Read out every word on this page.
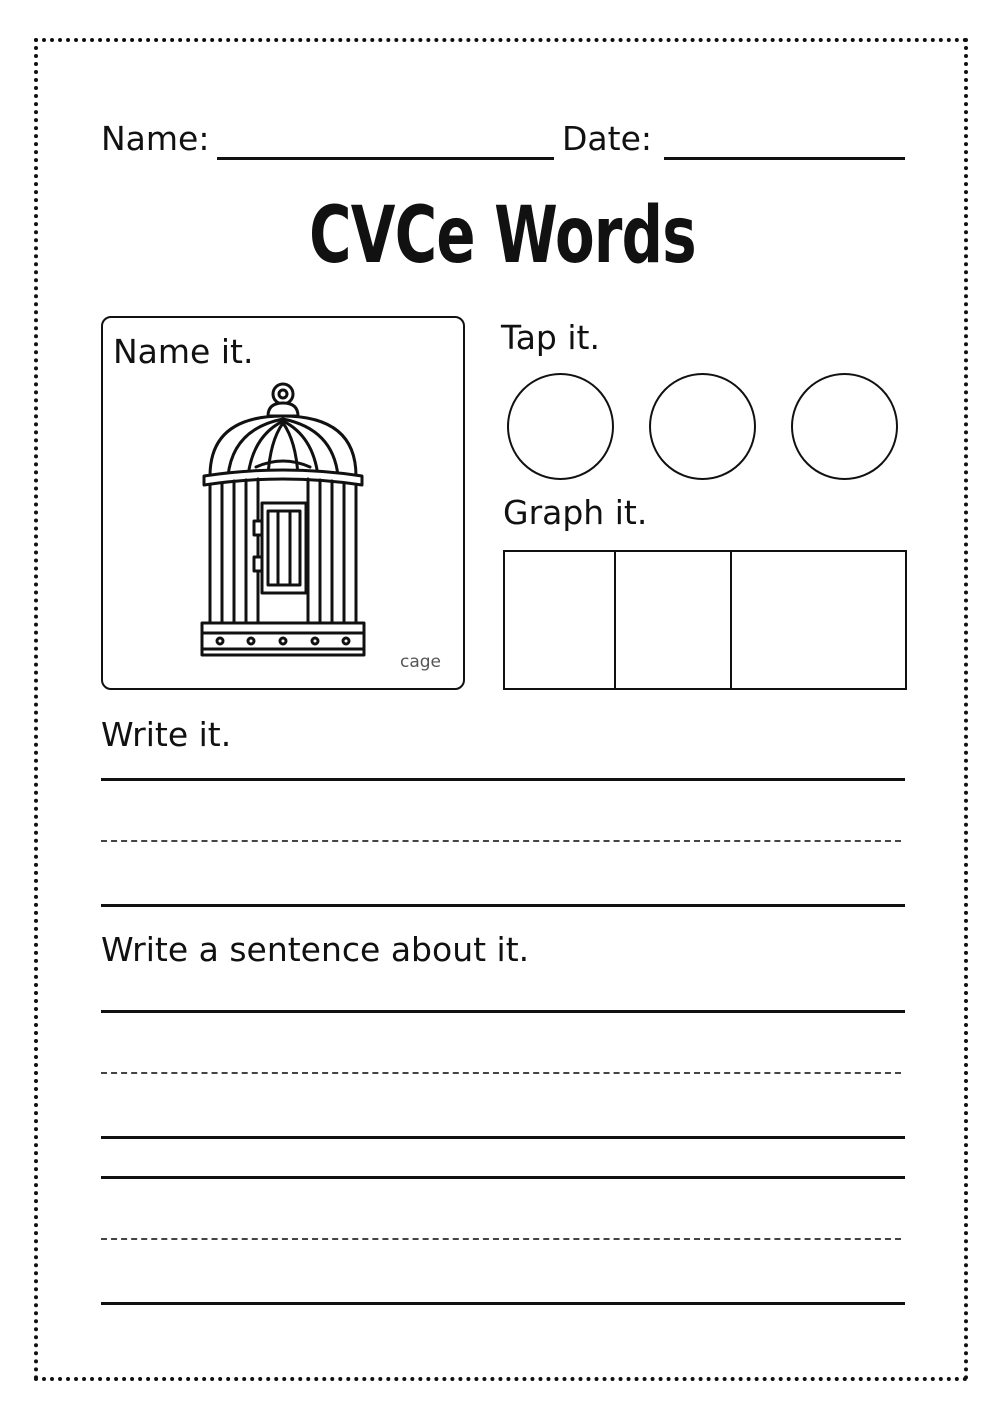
Name:	Date:
CVCe Words
Name it.
cage
Tap it.
Graph it.
Write it.
Write a sentence about it.
